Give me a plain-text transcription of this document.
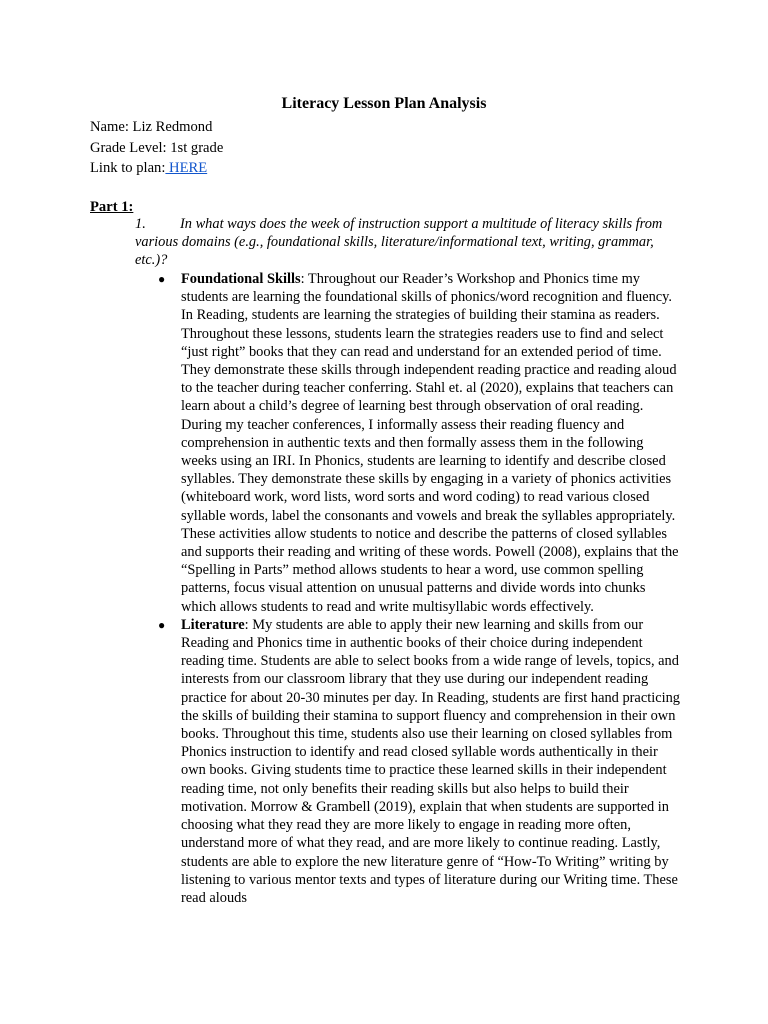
Literacy Lesson Plan Analysis
Name: Liz Redmond
Grade Level: 1st grade
Link to plan: HERE
Part 1:
1. In what ways does the week of instruction support a multitude of literacy skills from various domains (e.g., foundational skills, literature/informational text, writing, grammar, etc.)?
● Foundational Skills: Throughout our Reader’s Workshop and Phonics time my students are learning the foundational skills of phonics/word recognition and fluency. In Reading, students are learning the strategies of building their stamina as readers. Throughout these lessons, students learn the strategies readers use to find and select “just right” books that they can read and understand for an extended period of time. They demonstrate these skills through independent reading practice and reading aloud to the teacher during teacher conferring. Stahl et. al (2020), explains that teachers can learn about a child’s degree of learning best through observation of oral reading. During my teacher conferences, I informally assess their reading fluency and comprehension in authentic texts and then formally assess them in the following weeks using an IRI. In Phonics, students are learning to identify and describe closed syllables. They demonstrate these skills by engaging in a variety of phonics activities (whiteboard work, word lists, word sorts and word coding) to read various closed syllable words, label the consonants and vowels and break the syllables appropriately. These activities allow students to notice and describe the patterns of closed syllables and supports their reading and writing of these words. Powell (2008), explains that the “Spelling in Parts” method allows students to hear a word, use common spelling patterns, focus visual attention on unusual patterns and divide words into chunks which allows students to read and write multisyllabic words effectively.
● Literature: My students are able to apply their new learning and skills from our Reading and Phonics time in authentic books of their choice during independent reading time. Students are able to select books from a wide range of levels, topics, and interests from our classroom library that they use during our independent reading practice for about 20-30 minutes per day. In Reading, students are first hand practicing the skills of building their stamina to support fluency and comprehension in their own books. Throughout this time, students also use their learning on closed syllables from Phonics instruction to identify and read closed syllable words authentically in their own books. Giving students time to practice these learned skills in their independent reading time, not only benefits their reading skills but also helps to build their motivation. Morrow & Grambell (2019), explain that when students are supported in choosing what they read they are more likely to engage in reading more often, understand more of what they read, and are more likely to continue reading. Lastly, students are able to explore the new literature genre of “How-To Writing” writing by listening to various mentor texts and types of literature during our Writing time. These read alouds
